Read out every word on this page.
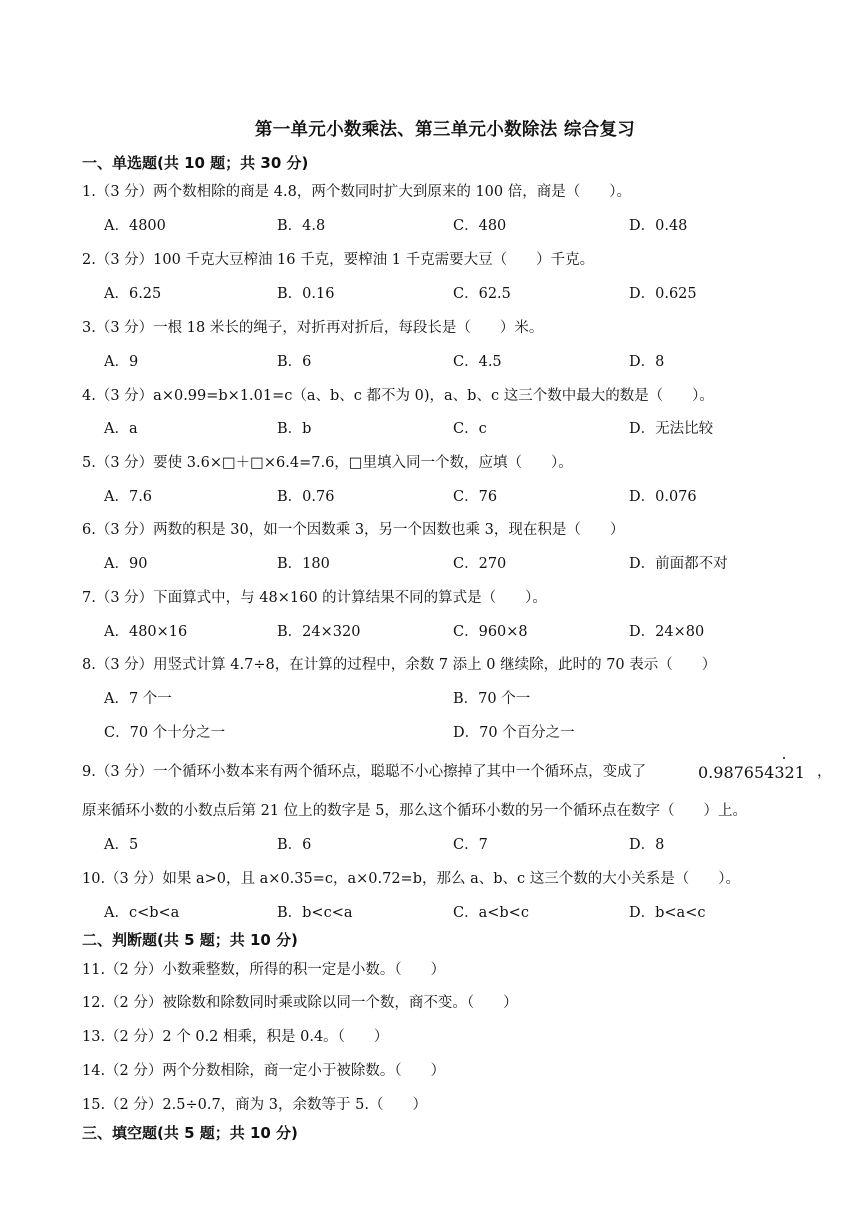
第一单元小数乘法、第三单元小数除法 综合复习
一、单选题(共 10 题；共 30 分)
1.（3 分）两个数相除的商是 4.8，两个数同时扩大到原来的 100 倍，商是（　　）。
A．4800	B．4.8	C．480	D．0.48
2.（3 分）100 千克大豆榨油 16 千克，要榨油 1 千克需要大豆（　　）千克。
A．6.25	B．0.16	C．62.5	D．0.625
3.（3 分）一根 18 米长的绳子，对折再对折后，每段长是（　　）米。
A．9	B．6	C．4.5	D．8
4.（3 分）a×0.99=b×1.01=c（a、b、c 都不为 0)，a、b、c 这三个数中最大的数是（　　）。
A．a	B．b	C．c	D．无法比较
5.（3 分）要使 3.6×□＋□×6.4=7.6，□里填入同一个数，应填（　　）。
A．7.6	B．0.76	C．76	D．0.076
6.（3 分）两数的积是 30，如一个因数乘 3，另一个因数也乘 3，现在积是（　　）
A．90	B．180	C．270	D．前面都不对
7.（3 分）下面算式中，与 48×160 的计算结果不同的算式是（　　）。
A．480×16	B．24×320	C．960×8	D．24×80
8.（3 分）用竖式计算 4.7÷8，在计算的过程中，余数 7 添上 0 继续除，此时的 70 表示（　　）
A．7 个一	B．70 个一
C．70 个十分之一	D．70 个百分之一
9.（3 分）一个循环小数本来有两个循环点，聪聪不小心擦掉了其中一个循环点，变成了	0.987654321 ，
原来循环小数的小数点后第 21 位上的数字是 5，那么这个循环小数的另一个循环点在数字（　　）上。
A．5	B．6	C．7	D．8
10.（3 分）如果 a>0，且 a×0.35=c，a×0.72=b，那么 a、b、c 这三个数的大小关系是（　　）。
A．c<b<a	B．b<c<a	C．a<b<c	D．b<a<c
二、判断题(共 5 题；共 10 分)
11.（2 分）小数乘整数，所得的积一定是小数。（　　）
12.（2 分）被除数和除数同时乘或除以同一个数，商不变。（　　）
13.（2 分）2 个 0.2 相乘，积是 0.4。（　　）
14.（2 分）两个分数相除，商一定小于被除数。（　　）
15.（2 分）2.5÷0.7，商为 3，余数等于 5.（　　）
三、填空题(共 5 题；共 10 分)
